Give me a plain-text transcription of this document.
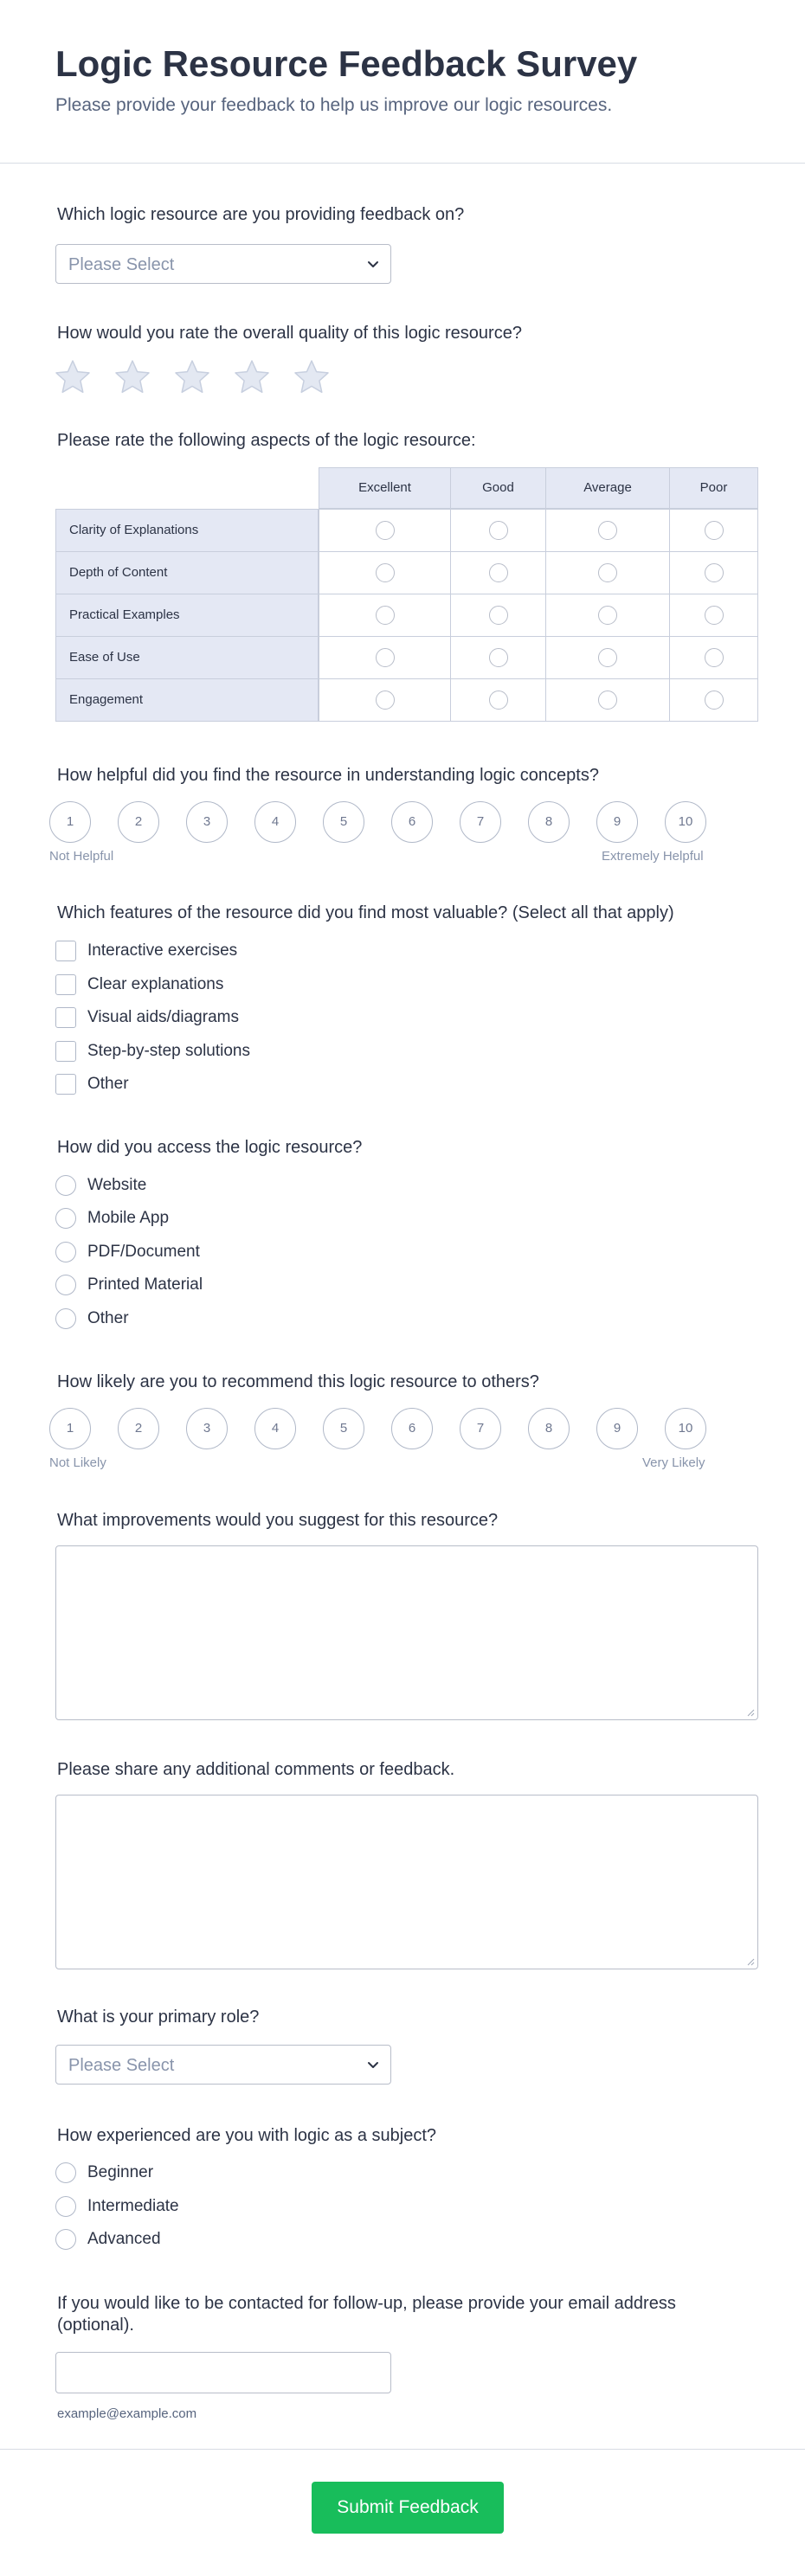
Logic Resource Feedback Survey
Please provide your feedback to help us improve our logic resources.
Which logic resource are you providing feedback on?
Please Select
How would you rate the overall quality of this logic resource?
Please rate the following aspects of the logic resource:
Excellent	Good	Average	Poor
Clarity of Explanations
Depth of Content
Practical Examples
Ease of Use
Engagement
How helpful did you find the resource in understanding logic concepts?
1	2	3	4	5	6	7	8	9	10
Not Helpful	Extremely Helpful
Which features of the resource did you find most valuable? (Select all that apply)
Interactive exercises
Clear explanations
Visual aids/diagrams
Step-by-step solutions
Other
How did you access the logic resource?
Website
Mobile App
PDF/Document
Printed Material
Other
How likely are you to recommend this logic resource to others?
1	2	3	4	5	6	7	8	9	10
Not Likely	Very Likely
What improvements would you suggest for this resource?
Please share any additional comments or feedback.
What is your primary role?
Please Select
How experienced are you with logic as a subject?
Beginner
Intermediate
Advanced
If you would like to be contacted for follow-up, please provide your email address
(optional).
example@example.com
Submit Feedback
